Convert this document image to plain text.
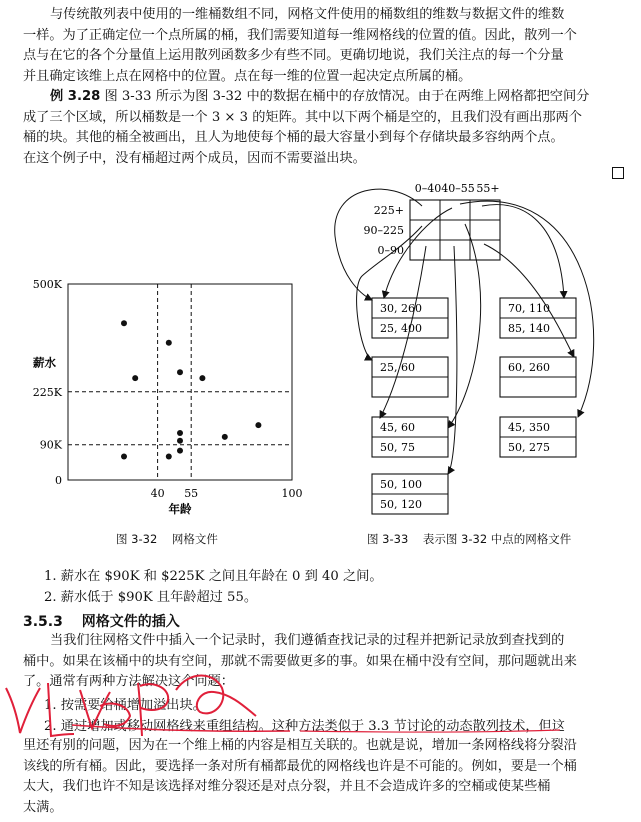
与传统散列表中使用的一维桶数组不同，网格文件使用的桶数组的维数与数据文件的维数
一样。为了正确定位一个点所属的桶，我们需要知道每一维网格线的位置的值。因此，散列一个
点与在它的各个分量值上运用散列函数多少有些不同。更确切地说，我们关注点的每一个分量
并且确定该维上点在网格中的位置。点在每一维的位置一起决定点所属的桶。
例 3.28 图 3-33 所示为图 3-32 中的数据在桶中的存放情况。由于在两维上网格都把空间分
成了三个区域，所以桶数是一个 3 × 3 的矩阵。其中以下两个桶是空的，且我们没有画出那两个
桶的块。其他的桶全被画出，且人为地使每个桶的最大容量小到每个存储块最多容纳两个点。
在这个例子中，没有桶超过两个成员，因而不需要溢出块。
500K
225K
90K
0
40 55	100
薪水
年龄
图 3-32 网格文件
0–40 40–55 55+
225+
90–225
0–90
30, 260
25, 400
25, 60
45, 60
50, 75
50, 100
50, 120
70, 110
85, 140
60, 260
45, 350
50, 275
图 3-33 表示图 3-32 中点的网格文件
1. 薪水在 $90K 和 $225K 之间且年龄在 0 到 40 之间。
2. 薪水低于 $90K 且年龄超过 55。
3.5.3 网格文件的插入
当我们往网格文件中插入一个记录时，我们遵循查找记录的过程并把新记录放到查找到的
桶中。如果在该桶中的块有空间，那就不需要做更多的事。如果在桶中没有空间，那问题就出来
了。通常有两种方法解决这个问题：
1. 按需要给桶增加溢出块。
2. 通过增加或移动网格线来重组结构。这种方法类似于 3.3 节讨论的动态散列技术，但这
里还有别的问题，因为在一个维上桶的内容是相互关联的。也就是说，增加一条网格线将分裂沿
该线的所有桶。因此，要选择一条对所有桶都最优的网格线也许是不可能的。例如，要是一个桶
太大，我们也许不知是该选择对维分裂还是对点分裂，并且不会造成许多的空桶或使某些桶
太满。
